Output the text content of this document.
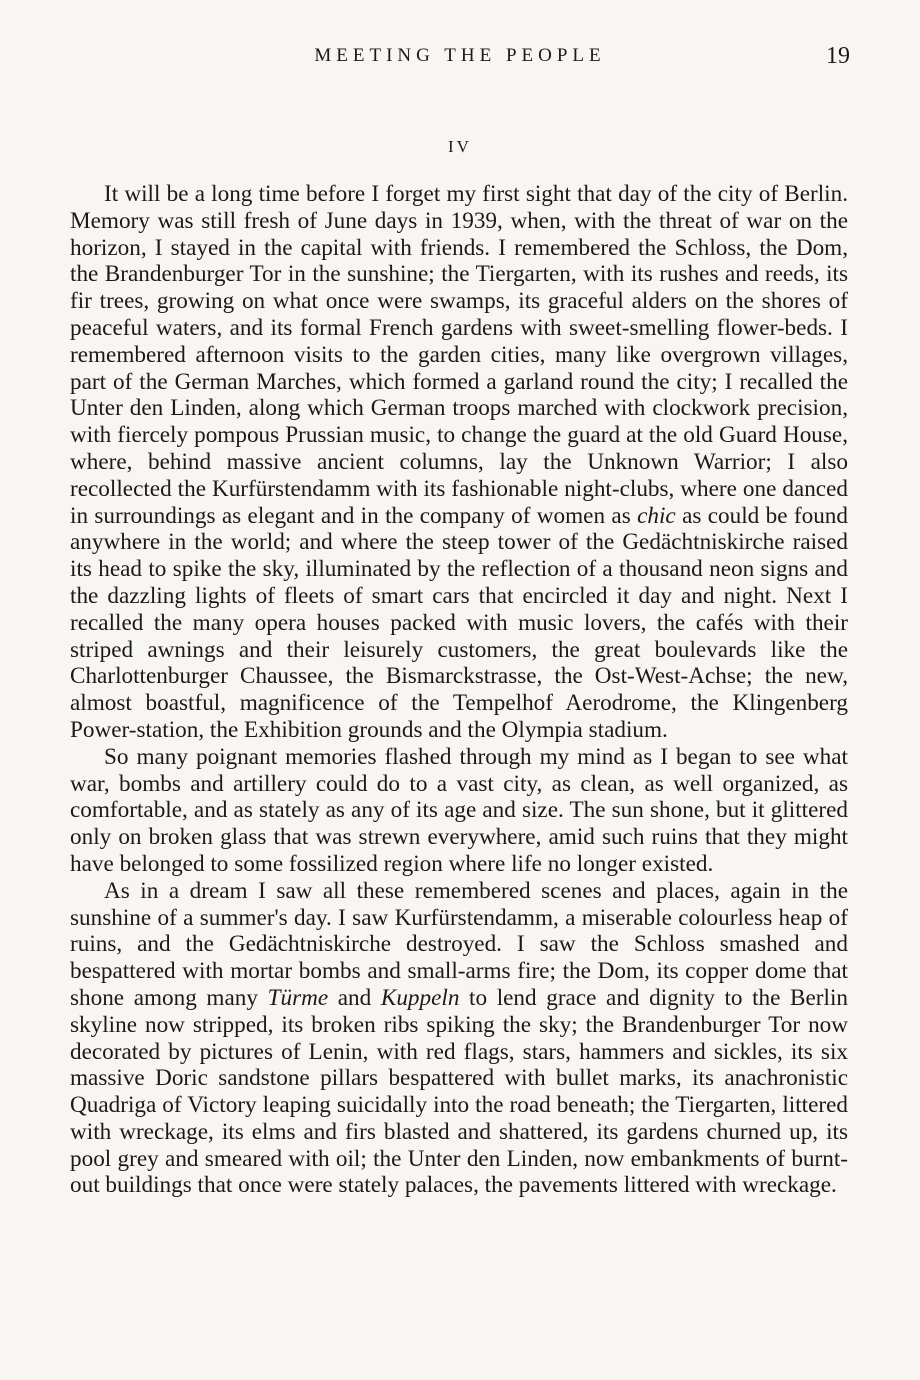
MEETING THE PEOPLE	19
IV

It will be a long time before I forget my first sight that day of the city of Berlin. Memory was still fresh of June days in 1939, when, with the threat of war on the horizon, I stayed in the capital with friends. I remembered the Schloss, the Dom, the Brandenburger Tor in the sunshine; the Tiergarten, with its rushes and reeds, its fir trees, growing on what once were swamps, its graceful alders on the shores of peaceful waters, and its formal French gardens with sweet-smelling flower-beds. I remembered afternoon visits to the garden cities, many like overgrown villages, part of the German Marches, which formed a garland round the city; I recalled the Unter den Linden, along which German troops marched with clockwork precision, with fiercely pompous Prussian music, to change the guard at the old Guard House, where, behind massive ancient columns, lay the Unknown Warrior; I also recollected the Kurfürstendamm with its fashionable night-clubs, where one danced in surroundings as elegant and in the company of women as chic as could be found anywhere in the world; and where the steep tower of the Gedächtniskirche raised its head to spike the sky, illuminated by the reflection of a thousand neon signs and the dazzling lights of fleets of smart cars that encircled it day and night. Next I recalled the many opera houses packed with music lovers, the cafés with their striped awnings and their leisurely customers, the great boulevards like the Charlottenburger Chaussee, the Bismarckstrasse, the Ost-West-Achse; the new, almost boastful, magnificence of the Tempelhof Aerodrome, the Klingenberg Power-station, the Exhibition grounds and the Olympia stadium.

So many poignant memories flashed through my mind as I began to see what war, bombs and artillery could do to a vast city, as clean, as well organized, as comfortable, and as stately as any of its age and size. The sun shone, but it glittered only on broken glass that was strewn everywhere, amid such ruins that they might have belonged to some fossilized region where life no longer existed.

As in a dream I saw all these remembered scenes and places, again in the sunshine of a summer's day. I saw Kurfürstendamm, a miserable colourless heap of ruins, and the Gedächtniskirche destroyed. I saw the Schloss smashed and bespattered with mortar bombs and small-arms fire; the Dom, its copper dome that shone among many Türme and Kuppeln to lend grace and dignity to the Berlin skyline now stripped, its broken ribs spiking the sky; the Brandenburger Tor now decorated by pictures of Lenin, with red flags, stars, hammers and sickles, its six massive Doric sandstone pillars bespattered with bullet marks, its anachronistic Quadriga of Victory leaping suicidally into the road beneath; the Tiergarten, littered with wreckage, its elms and firs blasted and shattered, its gardens churned up, its pool grey and smeared with oil; the Unter den Linden, now embankments of burnt-out buildings that once were stately palaces, the pavements littered with wreckage.
